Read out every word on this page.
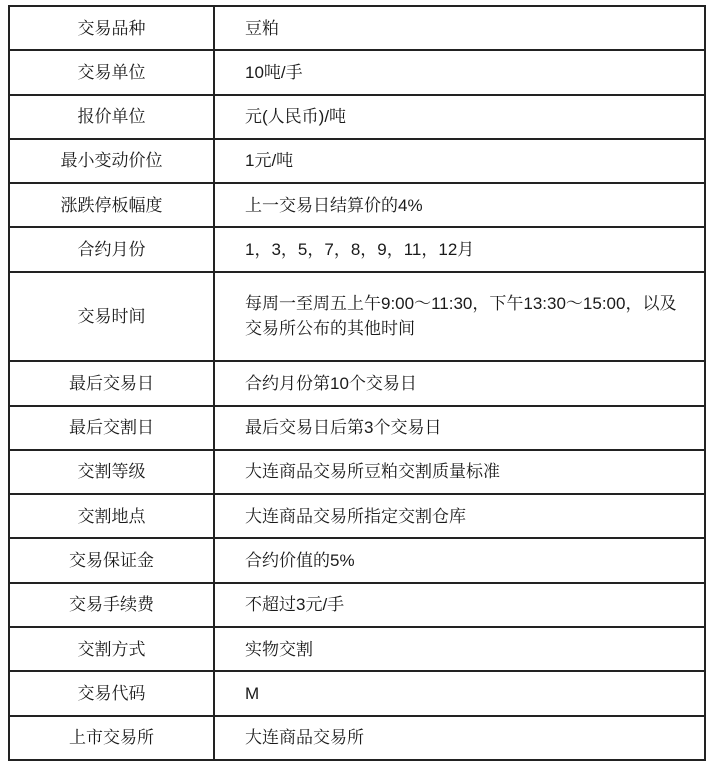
交易品种	豆粕
交易单位	10吨/手
报价单位	元(人民币)/吨
最小变动价位	1元/吨
涨跌停板幅度	上一交易日结算价的4%
合约月份	1，3，5，7，8，9，11，12月
交易时间	每周一至周五上午9:00～11:30，下午13:30～15:00，以及交易所公布的其他时间
最后交易日	合约月份第10个交易日
最后交割日	最后交易日后第3个交易日
交割等级	大连商品交易所豆粕交割质量标准
交割地点	大连商品交易所指定交割仓库
交易保证金	合约价值的5%
交易手续费	不超过3元/手
交割方式	实物交割
交易代码	M
上市交易所	大连商品交易所
